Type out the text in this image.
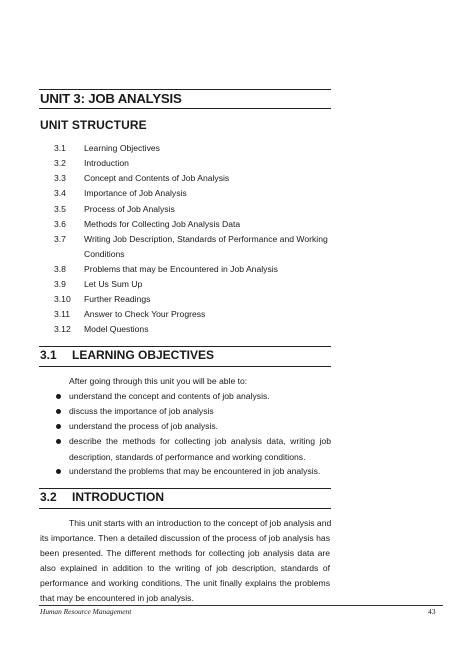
UNIT 3: JOB ANALYSIS
UNIT STRUCTURE
3.1 Learning Objectives
3.2 Introduction
3.3 Concept and Contents of Job Analysis
3.4 Importance of Job Analysis
3.5 Process of Job Analysis
3.6 Methods for Collecting Job Analysis Data
3.7 Writing Job Description, Standards of Performance and Working
Conditions
3.8 Problems that may be Encountered in Job Analysis
3.9 Let Us Sum Up
3.10 Further Readings
3.11 Answer to Check Your Progress
3.12 Model Questions
3.1 LEARNING OBJECTIVES
After going through this unit you will be able to:
understand the concept and contents of job analysis.
discuss the importance of job analysis
understand the process of job analysis.
describe the methods for collecting job analysis data, writing job
description, standards of performance and working conditions.
understand the problems that may be encountered in job analysis.
3.2 INTRODUCTION
This unit starts with an introduction to the concept of job analysis and
its importance. Then a detailed discussion of the process of job analysis has
been presented. The different methods for collecting job analysis data are
also explained in addition to the writing of job description, standards of
performance and working conditions. The unit finally explains the problems
that may be encountered in job analysis.
Human Resource Management	43
